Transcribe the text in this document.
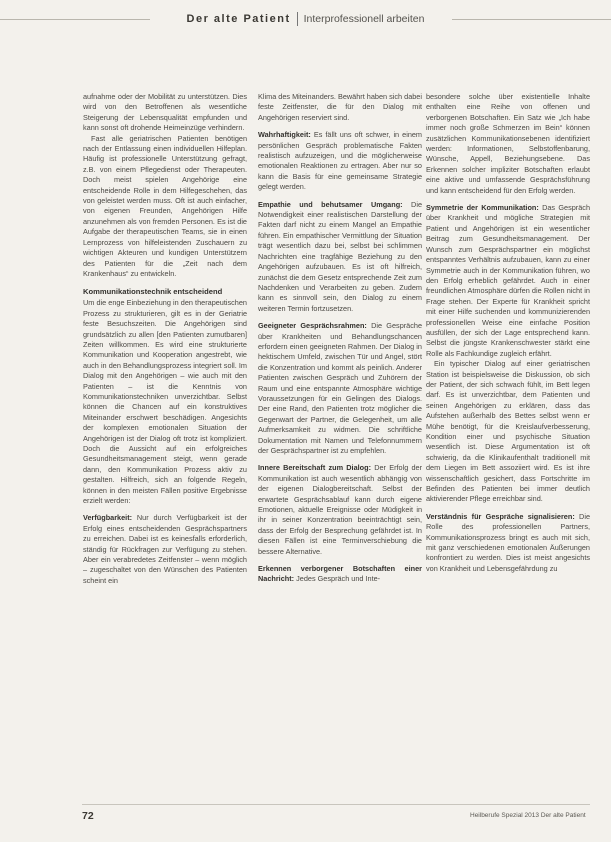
Der alte Patient Interprofessionell arbeiten

aufnahme oder der Mobilität zu unterstützen. Dies wird von den Betroffenen als wesentliche Steigerung der Lebensqualität empfunden und kann sonst oft drohende Heimeinzüge verhindern.

Fast alle geriatrischen Patienten benötigen nach der Entlassung einen individuellen Hilfeplan. Häufig ist professionelle Unterstützung gefragt, z.B. von einem Pflegedienst oder Therapeuten. Doch meist spielen Angehörige eine entscheidende Rolle in dem Hilfegeschehen, das von geleistet werden muss. Oft ist auch einfacher, von eigenen Freunden, Angehörigen Hilfe anzunehmen als von fremden Personen. Es ist die Aufgabe der therapeutischen Teams, sie in einen Lernprozess von hilfeleistenden Zuschauern zu wichtigen Akteuren und kundigen Unterstützern des Patienten für die „Zeit nach dem Krankenhaus“ zu entwickeln.

Kommunikationstechnik entscheidend

Um die enge Einbeziehung in den therapeutischen Prozess zu strukturieren, gilt es in der Geriatrie feste Besuchszeiten. Die Angehörigen sind grundsätzlich zu allen [den Patienten zumutbaren] Zeiten willkommen. Es wird eine strukturierte Kommunikation und Kooperation angestrebt, wie auch in den Behandlungsprozess integriert soll. Im Dialog mit den Angehörigen – wie auch mit den Patienten – ist die Kenntnis von Kommunikationstechniken unverzichtbar. Selbst können die Chancen auf ein konstruktives Miteinander erschwert beschädigen. Angesichts der komplexen emotionalen Situation der Angehörigen ist der Dialog oft trotz ist kompliziert. Doch die Aussicht auf ein erfolgreiches Gesundheitsmanagement steigt, wenn gerade dann, den Kommunikation Prozess aktiv zu gestalten. Hilfreich, sich an folgende Regeln, können in den meisten Fällen positive Ergebnisse erzielt werden:

Verfügbarkeit: Nur durch Verfügbarkeit ist der Erfolg eines entscheidenden Gesprächspartners zu erreichen. Dabei ist es keinesfalls erforderlich, ständig für Rückfragen zur Verfügung zu stehen. Aber ein verabredetes Zeitfenster – wenn möglich – zugeschaltet von den Wünschen des Patienten scheint ein

Klima des Miteinanders. Bewährt haben sich dabei feste Zeitfenster, die für den Dialog mit Angehörigen reserviert sind.

Wahrhaftigkeit: Es fällt uns oft schwer, in einem persönlichen Gespräch problematische Fakten realistisch aufzuzeigen, und die möglicherweise emotionalen Reaktionen zu ertragen. Aber nur so kann die Basis für eine gemeinsame Strategie gelegt werden.

Empathie und behutsamer Umgang: Die Notwendigkeit einer realistischen Darstellung der Fakten darf nicht zu einem Mangel an Empathie führen. Ein empathischer Vermittlung der Situation trägt wesentlich dazu bei, selbst bei schlimmen Nachrichten eine tragfähige Beziehung zu den Angehörigen aufzubauen. Es ist oft hilfreich, zunächst die dem Gesetz entsprechende Zeit zum Nachdenken und Verarbeiten zu geben. Zudem kann es sinnvoll sein, den Dialog zu einem weiteren Termin fortzusetzen.

Geeigneter Gesprächsrahmen: Die Gespräche über Krankheiten und Behandlungschancen erfordern einen geeigneten Rahmen. Der Dialog in hektischem Umfeld, zwischen Tür und Angel, stört die Konzentration und kommt als peinlich. Anderer Patienten zwischen Gespräch und Zuhörern der Raum und eine entspannte Atmosphäre wichtige Voraussetzungen für ein Gelingen des Dialogs. Der eine Rand, den Patienten trotz möglicher die Gegenwart der Partner, die Gelegenheit, um alle Aufmerksamkeit zu widmen. Die schriftliche Dokumentation mit Namen und Telefonnummern der Gesprächspartner ist zu empfehlen.

Innere Bereitschaft zum Dialog: Der Erfolg der Kommunikation ist auch wesentlich abhängig von der eigenen Dialogbereitschaft. Selbst der erwartete Gesprächsablauf kann durch eigene Emotionen, aktuelle Ereignisse oder Müdigkeit in ihr in seiner Konzentration beeinträchtigt sein, dass der Erfolg der Besprechung gefährdet ist. In diesen Fällen ist eine Terminverschiebung die bessere Alternative.

Erkennen verborgener Botschaften einer Nachricht: Jedes Gespräch und Inte-

besondere solche über existentielle Inhalte enthalten eine Reihe von offenen und verborgenen Botschaften. Ein Satz wie „Ich habe immer noch große Schmerzen im Bein“ können zusätzlichen Kommunikationsebenen identifiziert werden: Informationen, Selbstoffenbarung, Wünsche, Appell, Beziehungsebene. Das Erkennen solcher impliziter Botschaften erlaubt eine aktive und umfassende Gesprächsführung und kann entscheidend für den Erfolg werden.

Symmetrie der Kommunikation: Das Gespräch über Krankheit und mögliche Strategien mit Patient und Angehörigen ist ein wesentlicher Beitrag zum Gesundheitsmanagement. Der Wunsch zum Gesprächspartner ein möglichst entspanntes Verhältnis aufzubauen, kann zu einer Symmetrie auch in der Kommunikation führen, wo den Erfolg erheblich gefährdet. Auch in einer freundlichen Atmosphäre dürfen die Rollen nicht in Frage stehen. Der Experte für Krankheit spricht mit einer Hilfe suchenden und kommunizierenden professionellen Weise eine einfache Position ausfüllen, der sich der Lage entsprechend kann. Selbst die jüngste Krankenschwester stärkt eine Rolle als Fachkundige zugleich erfährt.

Ein typischer Dialog auf einer geriatrischen Station ist beispielsweise die Diskussion, ob sich der Patient, der sich schwach fühlt, im Bett legen darf. Es ist unverzichtbar, dem Patienten und seinen Angehörigen zu erklären, dass das Aufstehen außerhalb des Bettes selbst wenn er Mühe benötigt, für die Kreislaufverbesserung, Kondition einer und psychische Situation wesentlich ist. Diese Argumentation ist oft schwierig, da die Klinikaufenthalt traditionell mit dem Liegen im Bett assoziiert wird. Es ist ihre wissenschaftlich gesichert, dass Fortschritte im Befinden des Patienten bei immer deutlich aktivierender Pflege erreichbar sind.

Verständnis für Gespräche signalisieren: Die Rolle des professionellen Partners, Kommunikationsprozess bringt es auch mit sich, mit ganz verschiedenen emotionalen Äußerungen konfrontiert zu werden. Dies ist meist angesichts von Krankheit und Lebensgefährdung zu

72	Heilberufe Spezial 2013 Der alte Patient
